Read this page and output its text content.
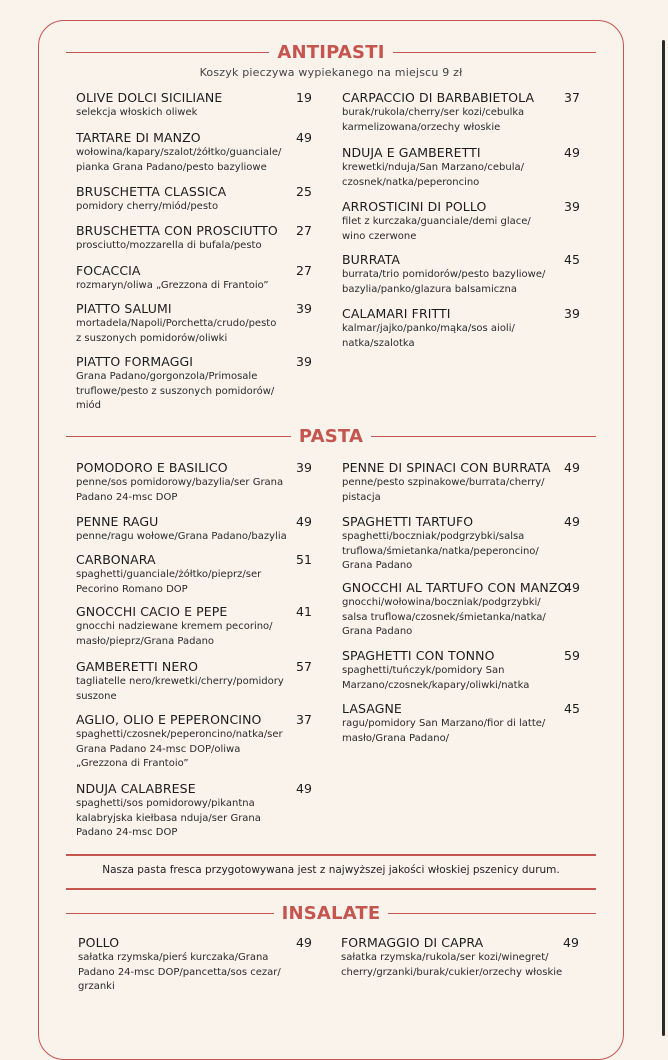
ANTIPASTI
Koszyk pieczywa wypiekanego na miejscu 9 zł
OLIVE DOLCI SICILIANE	19
selekcja włoskich oliwek
TARTARE DI MANZO	49
wołowina/kapary/szalot/żółtko/guanciale/
pianka Grana Padano/pesto bazyliowe
BRUSCHETTA CLASSICA	25
pomidory cherry/miód/pesto
BRUSCHETTA CON PROSCIUTTO 27
prosciutto/mozzarella di bufala/pesto
FOCACCIA	27
rozmaryn/oliwa „Grezzona di Frantoio”
PIATTO SALUMI	39
mortadela/Napoli/Porchetta/crudo/pesto
z suszonych pomidorów/oliwki
PIATTO FORMAGGI	39
Grana Padano/gorgonzola/Primosale
truflowe/pesto z suszonych pomidorów/
miód
CARPACCIO DI BARBABIETOLA 37
burak/rukola/cherry/ser kozi/cebulka
karmelizowana/orzechy włoskie
NDUJA E GAMBERETTI	49
krewetki/nduja/San Marzano/cebula/
czosnek/natka/peperoncino
ARROSTICINI DI POLLO	39
filet z kurczaka/guanciale/demi glace/
wino czerwone
BURRATA	45
burrata/trio pomidorów/pesto bazyliowe/
bazylia/panko/glazura balsamiczna
CALAMARI FRITTI	39
kalmar/jajko/panko/mąka/sos aioli/
natka/szalotka
PASTA
POMODORO E BASILICO	39
penne/sos pomidorowy/bazylia/ser Grana
Padano 24-msc DOP
PENNE RAGU	49
penne/ragu wołowe/Grana Padano/bazylia
CARBONARA	51
spaghetti/guanciale/żółtko/pieprz/ser
Pecorino Romano DOP
GNOCCHI CACIO E PEPE	41
gnocchi nadziewane kremem pecorino/
masło/pieprz/Grana Padano
GAMBERETTI NERO	57
tagliatelle nero/krewetki/cherry/pomidory
suszone
AGLIO, OLIO E PEPERONCINO	37
spaghetti/czosnek/peperoncino/natka/ser
Grana Padano 24-msc DOP/oliwa
„Grezzona di Frantoio”
NDUJA CALABRESE	49
spaghetti/sos pomidorowy/pikantna
kalabryjska kiełbasa nduja/ser Grana
Padano 24-msc DOP
PENNE DI SPINACI CON BURRATA 49
penne/pesto szpinakowe/burrata/cherry/
pistacja
SPAGHETTI TARTUFO	49
spaghetti/boczniak/podgrzybki/salsa
truflowa/śmietanka/natka/peperoncino/
Grana Padano
GNOCCHI AL TARTUFO CON MANZO
49
gnocchi/wołowina/boczniak/podgrzybki/
salsa truflowa/czosnek/śmietanka/natka/
Grana Padano
SPAGHETTI CON TONNO	59
spaghetti/tuńczyk/pomidory San
Marzano/czosnek/kapary/oliwki/natka
LASAGNE	45
ragu/pomidory San Marzano/fior di latte/
masło/Grana Padano/
Nasza pasta fresca przygotowywana jest z najwyższej jakości włoskiej pszenicy durum.
INSALATE
POLLO	49
sałatka rzymska/pierś kurczaka/Grana
Padano 24-msc DOP/pancetta/sos cezar/
grzanki
FORMAGGIO DI CAPRA	49
sałatka rzymska/rukola/ser kozi/winegret/
cherry/grzanki/burak/cukier/orzechy włoskie
